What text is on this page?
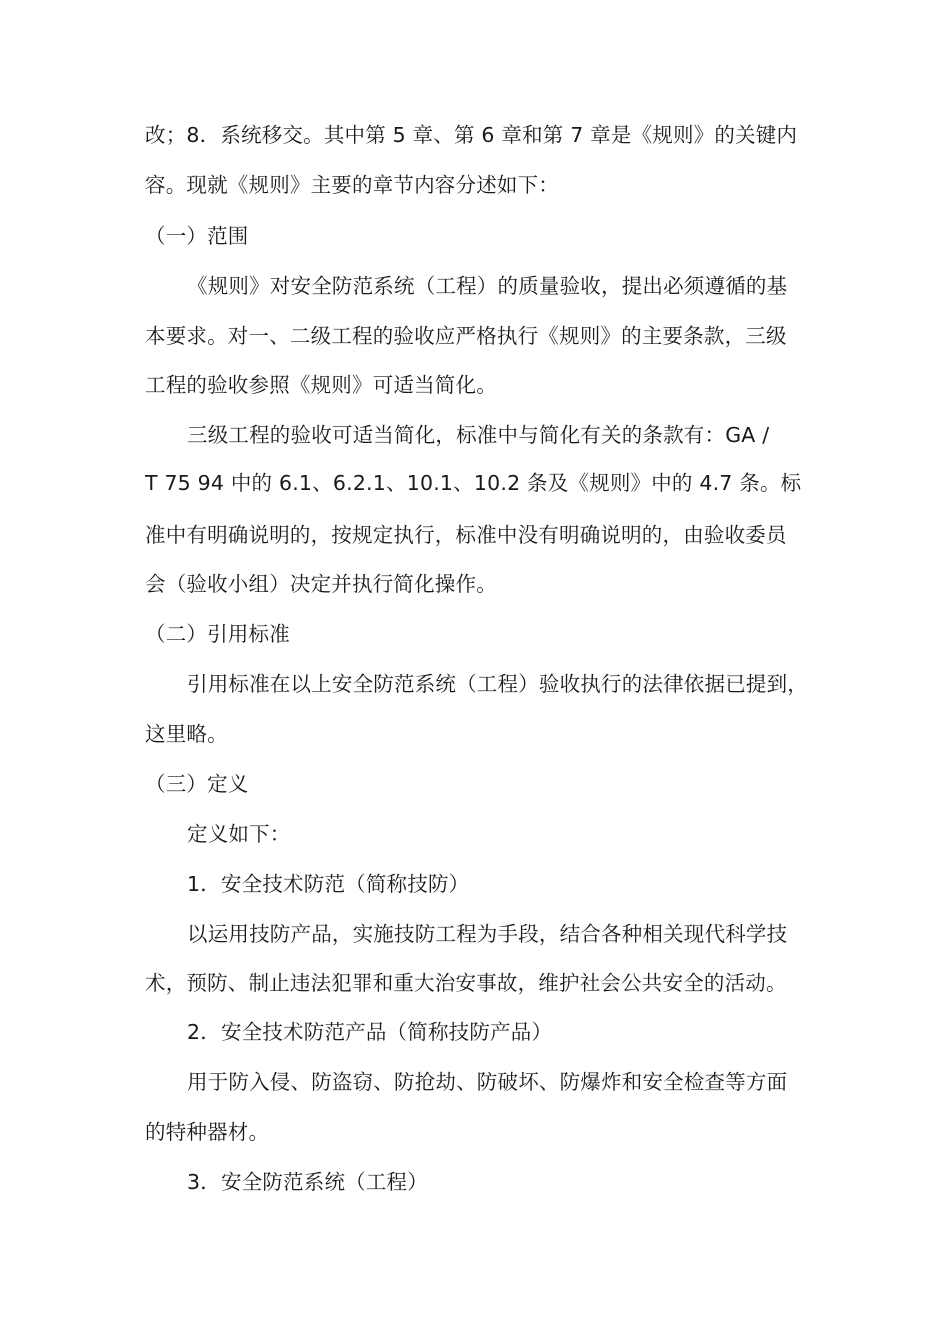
改；8．系统移交。其中第 5 章、第 6 章和第 7 章是《规则》的关键内
容。现就《规则》主要的章节内容分述如下：
（一）范围
《规则》对安全防范系统（工程）的质量验收，提出必须遵循的基
本要求。对一、二级工程的验收应严格执行《规则》的主要条款，三级
工程的验收参照《规则》可适当简化。
三级工程的验收可适当简化，标准中与简化有关的条款有：GA /
T 75 94 中的 6.1、6.2.1、10.1、10.2 条及《规则》中的 4.7 条。标
准中有明确说明的，按规定执行，标准中没有明确说明的，由验收委员
会（验收小组）决定并执行简化操作。
（二）引用标准
引用标准在以上安全防范系统（工程）验收执行的法律依据已提到，
这里略。
（三）定义
定义如下：
1．安全技术防范（简称技防）
以运用技防产品，实施技防工程为手段，结合各种相关现代科学技
术，预防、制止违法犯罪和重大治安事故，维护社会公共安全的活动。
2．安全技术防范产品（简称技防产品）
用于防入侵、防盗窃、防抢劫、防破坏、防爆炸和安全检查等方面
的特种器材。
3．安全防范系统（工程）
